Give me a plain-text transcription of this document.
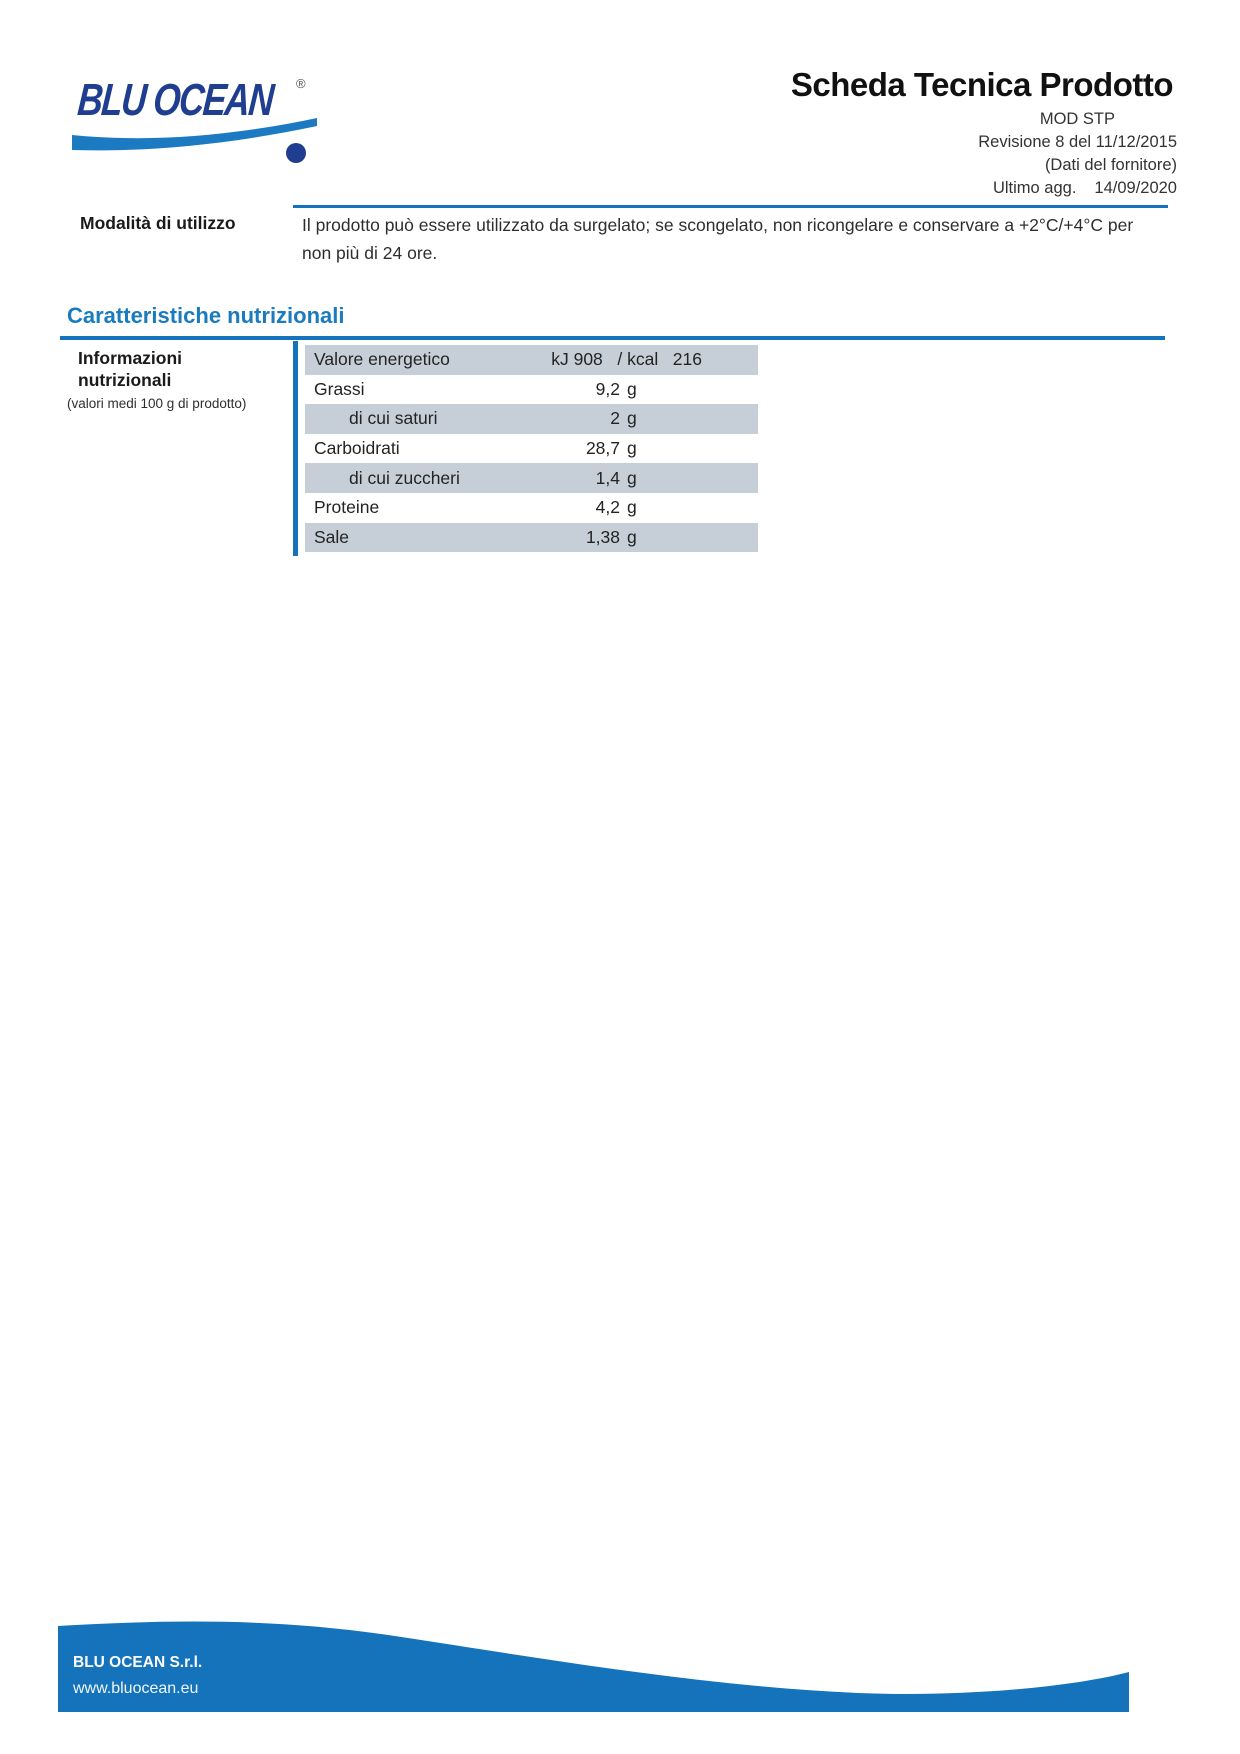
BLU OCEAN ®	Scheda Tecnica Prodotto
MOD STP
Revisione 8 del 11/12/2015
(Dati del fornitore)
Ultimo agg. 14/09/2020
Modalità di utilizzo	Il prodotto può essere utilizzato da surgelato; se scongelato, non ricongelare e conservare a +2°C/+4°C per non più di 24 ore.
Caratteristiche nutrizionali
Informazioni
nutrizionali
(valori medi 100 g di prodotto)
Valore energetico	kJ 908   / kcal   216
Grassi	9,2 g
di cui saturi	2 g
Carboidrati	28,7 g
di cui zuccheri	1,4 g
Proteine	4,2 g
Sale	1,38 g
BLU OCEAN S.r.l.
www.bluocean.eu
